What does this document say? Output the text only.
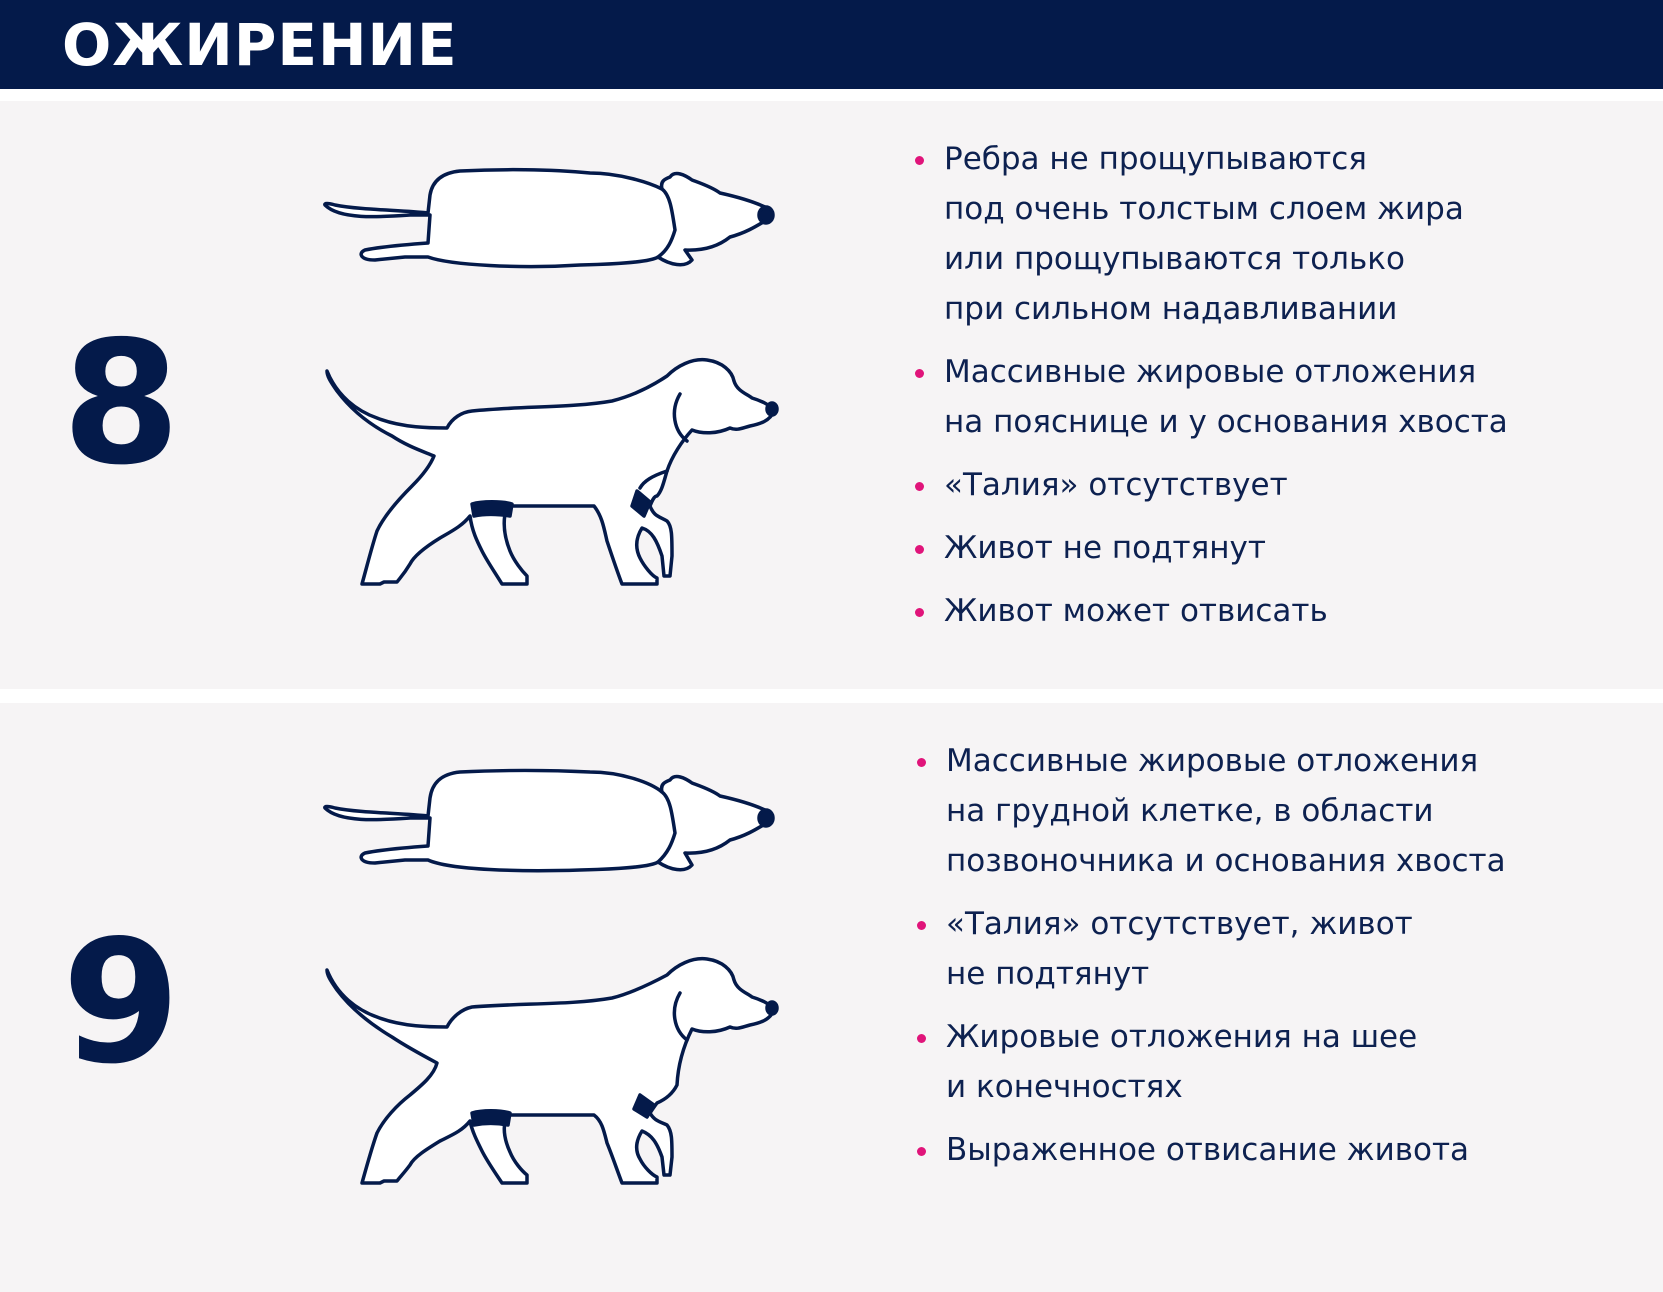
ОЖИРЕНИЕ
8
Ребра не прощупываются
под очень толстым слоем жира
или прощупываются только
при сильном надавливании
Массивные жировые отложения
на пояснице и у основания хвоста
«Талия» отсутствует
Живот не подтянут
Живот может отвисать
9
Массивные жировые отложения
на грудной клетке, в области
позвоночника и основания хвоста
«Талия» отсутствует, живот
не подтянут
Жировые отложения на шее
и конечностях
Выраженное отвисание живота
